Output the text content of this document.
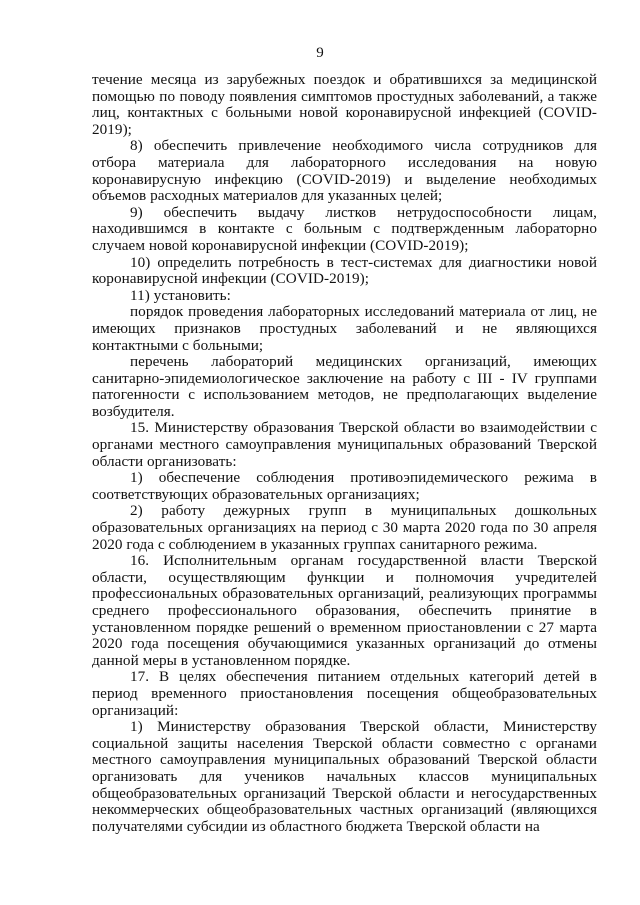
9

течение месяца из зарубежных поездок и обратившихся за медицинской помощью по поводу появления симптомов простудных заболеваний, а также лиц, контактных с больными новой коронавирусной инфекцией (COVID-2019);

8) обеспечить привлечение необходимого числа сотрудников для отбора материала для лабораторного исследования на новую коронавирусную инфекцию (COVID-2019) и выделение необходимых объемов расходных материалов для указанных целей;

9) обеспечить выдачу листков нетрудоспособности лицам, находившимся в контакте с больным с подтвержденным лабораторно случаем новой коронавирусной инфекции (COVID-2019);

10) определить потребность в тест-системах для диагностики новой коронавирусной инфекции (COVID-2019);

11) установить:

порядок проведения лабораторных исследований материала от лиц, не имеющих признаков простудных заболеваний и не являющихся контактными с больными;

перечень лабораторий медицинских организаций, имеющих санитарно-эпидемиологическое заключение на работу с III - IV группами патогенности с использованием методов, не предполагающих выделение возбудителя.

15. Министерству образования Тверской области во взаимодействии с органами местного самоуправления муниципальных образований Тверской области организовать:

1) обеспечение соблюдения противоэпидемического режима в соответствующих образовательных организациях;

2) работу дежурных групп в муниципальных дошкольных образовательных организациях на период с 30 марта 2020 года по 30 апреля 2020 года с соблюдением в указанных группах санитарного режима.

16. Исполнительным органам государственной власти Тверской области, осуществляющим функции и полномочия учредителей профессиональных образовательных организаций, реализующих программы среднего профессионального образования, обеспечить принятие в установленном порядке решений о временном приостановлении с 27 марта 2020 года посещения обучающимися указанных организаций до отмены данной меры в установленном порядке.

17. В целях обеспечения питанием отдельных категорий детей в период временного приостановления посещения общеобразовательных организаций:

1) Министерству образования Тверской области, Министерству социальной защиты населения Тверской области совместно с органами местного самоуправления муниципальных образований Тверской области организовать для учеников начальных классов муниципальных общеобразовательных организаций Тверской области и негосударственных некоммерческих общеобразовательных частных организаций (являющихся получателями субсидии из областного бюджета Тверской области на
